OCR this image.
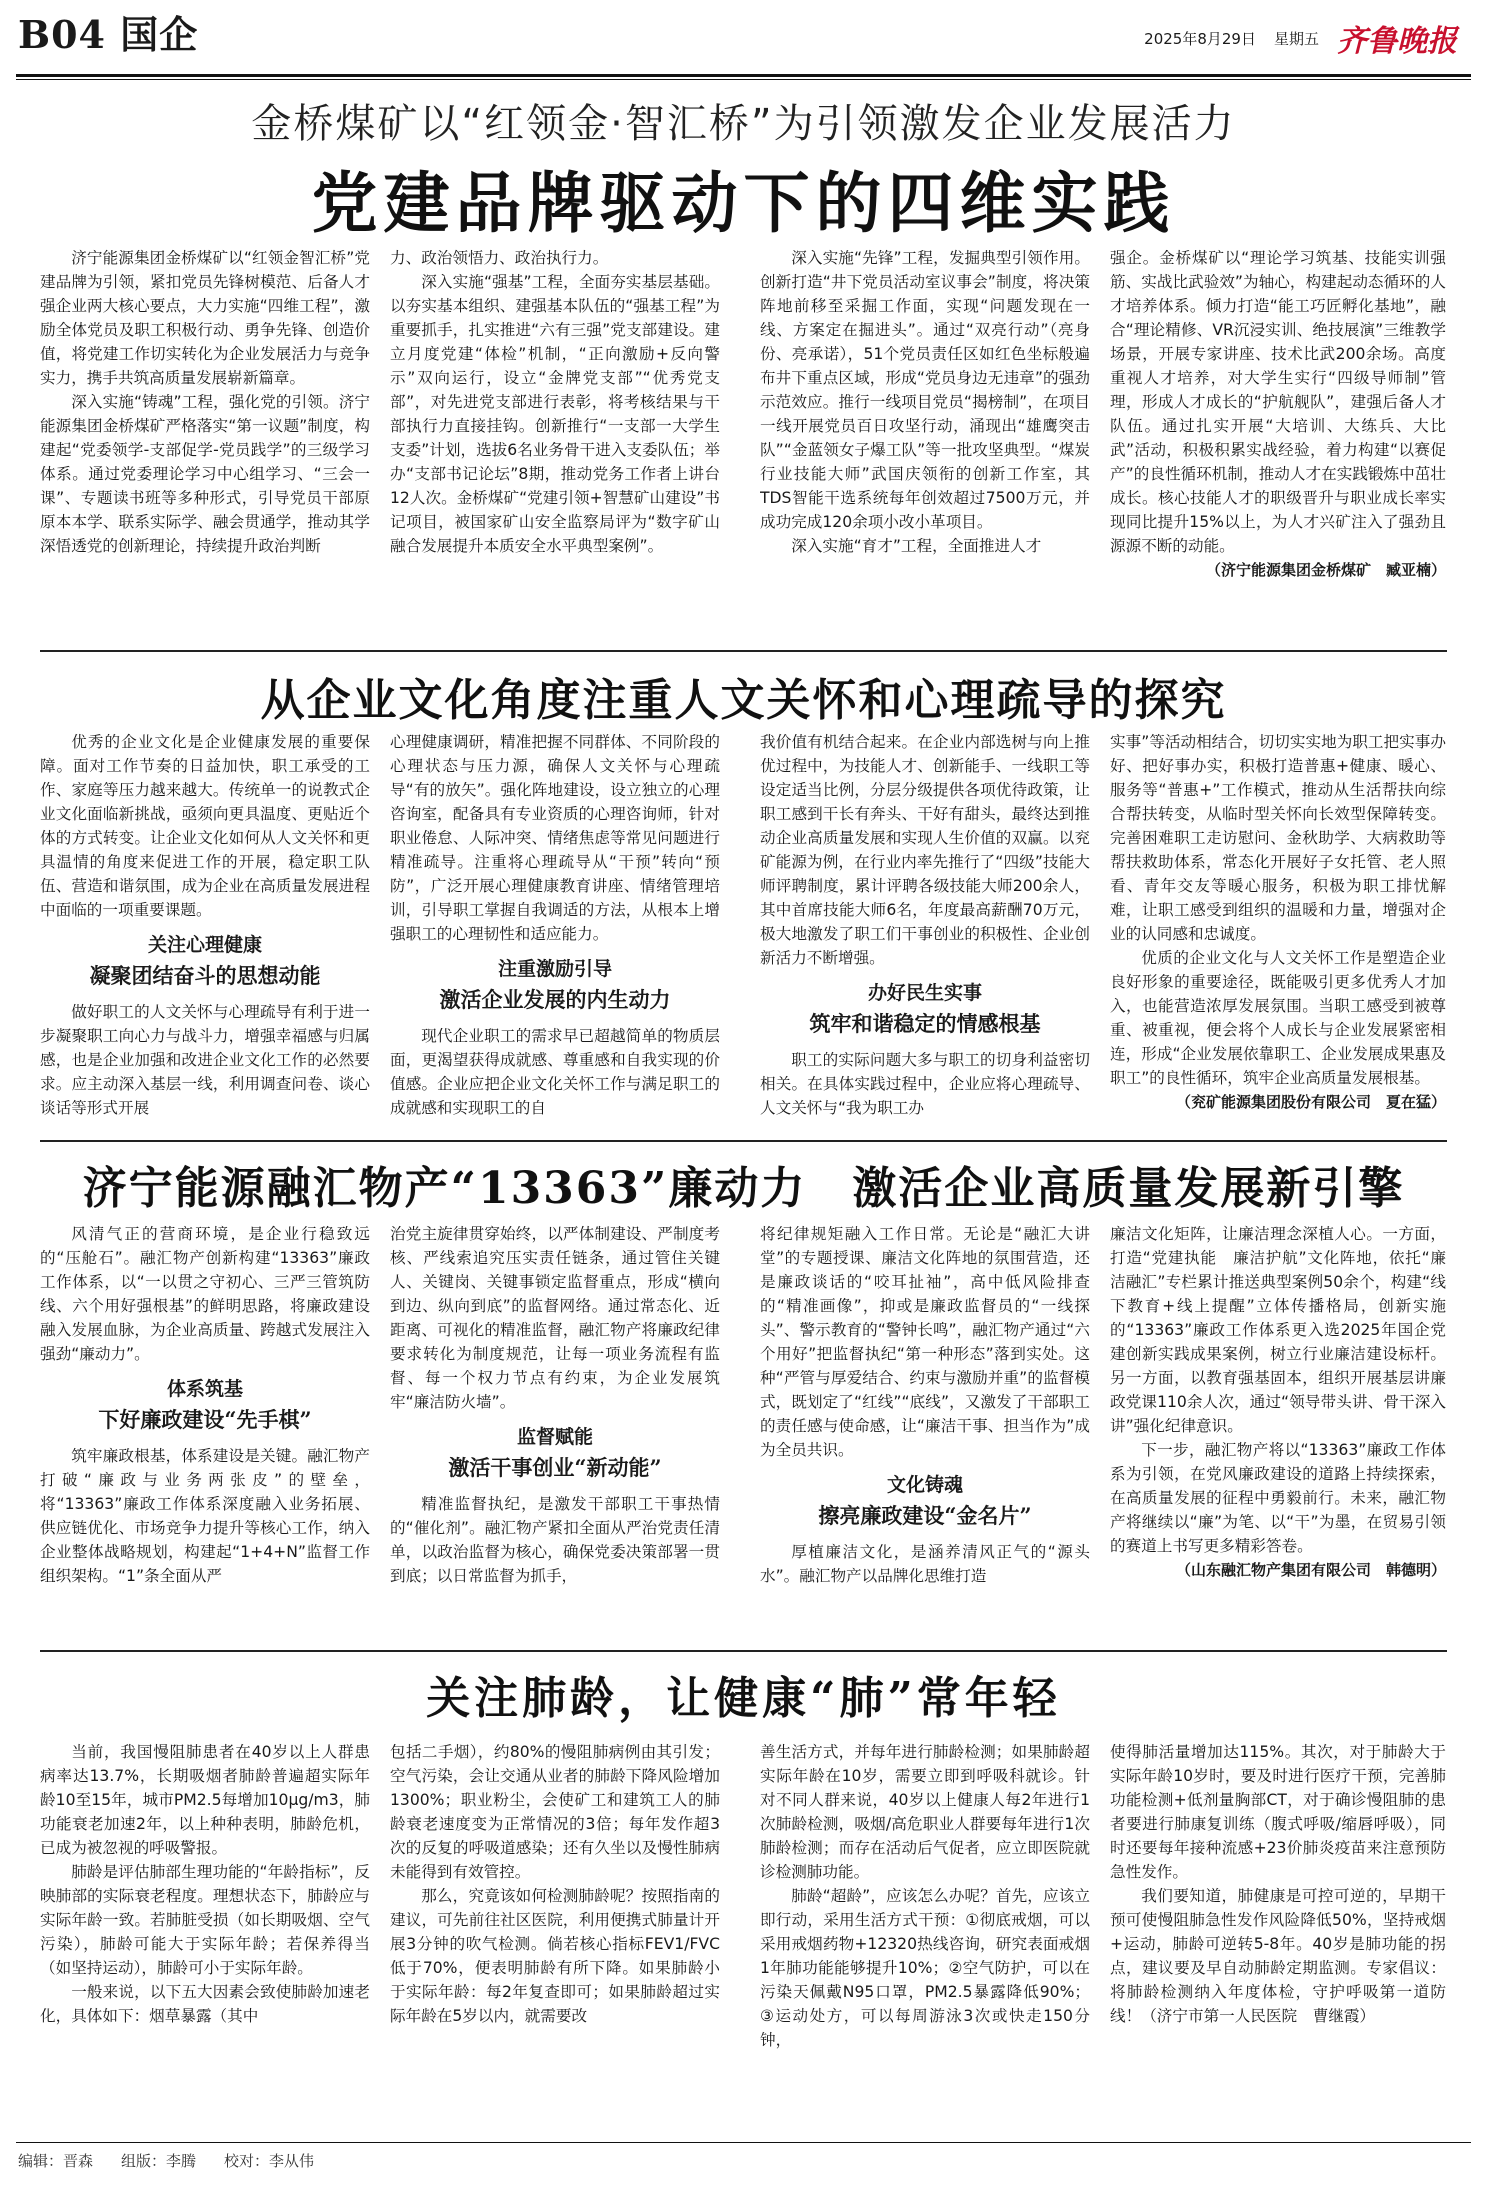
B04 国企	2025年8月29日 星期五 齐鲁晚报
金桥煤矿以“红领金·智汇桥”为引领激发企业发展活力
党建品牌驱动下的四维实践

济宁能源集团金桥煤矿以“红领金智汇桥”党建品牌为引领，紧扣党员先锋树模范、后备人才强企业两大核心要点，大力实施“四维工程”，激励全体党员及职工积极行动、勇争先锋、创造价值，将党建工作切实转化为企业发展活力与竞争实力，携手共筑高质量发展崭新篇章。

深入实施“铸魂”工程，强化党的引领。济宁能源集团金桥煤矿严格落实“第一议题”制度，构建起“党委领学-支部促学-党员践学”的三级学习体系。通过党委理论学习中心组学习、“三会一课”、专题读书班等多种形式，引导党员干部原原本本学、联系实际学、融会贯通学，推动其学深悟透党的创新理论，持续提升政治判断

力、政治领悟力、政治执行力。

深入实施“强基”工程，全面夯实基层基础。以夯实基本组织、建强基本队伍的“强基工程”为重要抓手，扎实推进“六有三强”党支部建设。建立月度党建“体检”机制，“正向激励+反向警示”双向运行，设立“金牌党支部”“优秀党支部”，对先进党支部进行表彰，将考核结果与干部执行力直接挂钩。创新推行“一支部一大学生支委”计划，选拔6名业务骨干进入支委队伍；举办“支部书记论坛”8期，推动党务工作者上讲台12人次。金桥煤矿“党建引领+智慧矿山建设”书记项目，被国家矿山安全监察局评为“数字矿山融合发展提升本质安全水平典型案例”。

深入实施“先锋”工程，发掘典型引领作用。创新打造“井下党员活动室议事会”制度，将决策阵地前移至采掘工作面，实现“问题发现在一线、方案定在掘进头”。通过“双亮行动”（亮身份、亮承诺），51个党员责任区如红色坐标般遍布井下重点区域，形成“党员身边无违章”的强劲示范效应。推行一线项目党员“揭榜制”，在项目一线开展党员百日攻坚行动，涌现出“雄鹰突击队”“金蓝领女子爆工队”等一批攻坚典型。“煤炭行业技能大师”武国庆领衔的创新工作室，其TDS智能干选系统每年创效超过7500万元，并成功完成120余项小改小革项目。

深入实施“育才”工程，全面推进人才

强企。金桥煤矿以“理论学习筑基、技能实训强筋、实战比武验效”为轴心，构建起动态循环的人才培养体系。倾力打造“能工巧匠孵化基地”，融合“理论精修、VR沉浸实训、绝技展演”三维教学场景，开展专家讲座、技术比武200余场。高度重视人才培养，对大学生实行“四级导师制”管理，形成人才成长的“护航舰队”，建强后备人才队伍。通过扎实开展“大培训、大练兵、大比武”活动，积极积累实战经验，着力构建“以赛促产”的良性循环机制，推动人才在实践锻炼中茁壮成长。核心技能人才的职级晋升与职业成长率实现同比提升15%以上，为人才兴矿注入了强劲且源源不断的动能。

（济宁能源集团金桥煤矿　臧亚楠）
从企业文化角度注重人文关怀和心理疏导的探究

优秀的企业文化是企业健康发展的重要保障。面对工作节奏的日益加快，职工承受的工作、家庭等压力越来越大。传统单一的说教式企业文化面临新挑战，亟须向更具温度、更贴近个体的方式转变。让企业文化如何从人文关怀和更具温情的角度来促进工作的开展，稳定职工队伍、营造和谐氛围，成为企业在高质量发展进程中面临的一项重要课题。

关注心理健康
凝聚团结奋斗的思想动能

做好职工的人文关怀与心理疏导有利于进一步凝聚职工向心力与战斗力，增强幸福感与归属感，也是企业加强和改进企业文化工作的必然要求。应主动深入基层一线，利用调查问卷、谈心谈话等形式开展

心理健康调研，精准把握不同群体、不同阶段的心理状态与压力源，确保人文关怀与心理疏导“有的放矢”。强化阵地建设，设立独立的心理咨询室，配备具有专业资质的心理咨询师，针对职业倦怠、人际冲突、情绪焦虑等常见问题进行精准疏导。注重将心理疏导从“干预”转向“预防”，广泛开展心理健康教育讲座、情绪管理培训，引导职工掌握自我调适的方法，从根本上增强职工的心理韧性和适应能力。

注重激励引导
激活企业发展的内生动力

现代企业职工的需求早已超越简单的物质层面，更渴望获得成就感、尊重感和自我实现的价值感。企业应把企业文化关怀工作与满足职工的成就感和实现职工的自

我价值有机结合起来。在企业内部选树与向上推优过程中，为技能人才、创新能手、一线职工等设定适当比例，分层分级提供各项优待政策，让职工感到干长有奔头、干好有甜头，最终达到推动企业高质量发展和实现人生价值的双赢。以兖矿能源为例，在行业内率先推行了“四级”技能大师评聘制度，累计评聘各级技能大师200余人，其中首席技能大师6名，年度最高薪酬70万元，极大地激发了职工们干事创业的积极性、企业创新活力不断增强。

办好民生实事
筑牢和谐稳定的情感根基

职工的实际问题大多与职工的切身利益密切相关。在具体实践过程中，企业应将心理疏导、人文关怀与“我为职工办

实事”等活动相结合，切切实实地为职工把实事办好、把好事办实，积极打造普惠+健康、暖心、服务等“普惠+”工作模式，推动从生活帮扶向综合帮扶转变，从临时型关怀向长效型保障转变。完善困难职工走访慰问、金秋助学、大病救助等帮扶救助体系，常态化开展好子女托管、老人照看、青年交友等暖心服务，积极为职工排忧解难，让职工感受到组织的温暖和力量，增强对企业的认同感和忠诚度。

优质的企业文化与人文关怀工作是塑造企业良好形象的重要途径，既能吸引更多优秀人才加入，也能营造浓厚发展氛围。当职工感受到被尊重、被重视，便会将个人成长与企业发展紧密相连，形成“企业发展依靠职工、企业发展成果惠及职工”的良性循环，筑牢企业高质量发展根基。

（兖矿能源集团股份有限公司　夏在猛）
济宁能源融汇物产“13363”廉动力　激活企业高质量发展新引擎

风清气正的营商环境，是企业行稳致远的“压舱石”。融汇物产创新构建“13363”廉政工作体系，以“一以贯之守初心、三严三管筑防线、六个用好强根基”的鲜明思路，将廉政建设融入发展血脉，为企业高质量、跨越式发展注入强劲“廉动力”。

体系筑基
下好廉政建设“先手棋”

筑牢廉政根基，体系建设是关键。融汇物产打破“廉政与业务两张皮”的壁垒，将“13363”廉政工作体系深度融入业务拓展、供应链优化、市场竞争力提升等核心工作，纳入企业整体战略规划，构建起“1+4+N”监督工作组织架构。“1”条全面从严

治党主旋律贯穿始终，以严体制建设、严制度考核、严线索追究压实责任链条，通过管住关键人、关键岗、关键事锁定监督重点，形成“横向到边、纵向到底”的监督网络。通过常态化、近距离、可视化的精准监督，融汇物产将廉政纪律要求转化为制度规范，让每一项业务流程有监督、每一个权力节点有约束，为企业发展筑牢“廉洁防火墙”。

监督赋能
激活干事创业“新动能”

精准监督执纪，是激发干部职工干事热情的“催化剂”。融汇物产紧扣全面从严治党责任清单，以政治监督为核心，确保党委决策部署一贯到底；以日常监督为抓手，

将纪律规矩融入工作日常。无论是“融汇大讲堂”的专题授课、廉洁文化阵地的氛围营造，还是廉政谈话的“咬耳扯袖”，高中低风险排查的“精准画像”，抑或是廉政监督员的“一线探头”、警示教育的“警钟长鸣”，融汇物产通过“六个用好”把监督执纪“第一种形态”落到实处。这种“严管与厚爱结合、约束与激励并重”的监督模式，既划定了“红线”“底线”，又激发了干部职工的责任感与使命感，让“廉洁干事、担当作为”成为全员共识。

文化铸魂
擦亮廉政建设“金名片”

厚植廉洁文化，是涵养清风正气的“源头水”。融汇物产以品牌化思维打造

廉洁文化矩阵，让廉洁理念深植人心。一方面，打造“党建执能　廉洁护航”文化阵地，依托“廉洁融汇”专栏累计推送典型案例50余个，构建“线下教育+线上提醒”立体传播格局，创新实施的“13363”廉政工作体系更入选2025年国企党建创新实践成果案例，树立行业廉洁建设标杆。另一方面，以教育强基固本，组织开展基层讲廉政党课110余人次，通过“领导带头讲、骨干深入讲”强化纪律意识。

下一步，融汇物产将以“13363”廉政工作体系为引领，在党风廉政建设的道路上持续探索，在高质量发展的征程中勇毅前行。未来，融汇物产将继续以“廉”为笔、以“干”为墨，在贸易引领的赛道上书写更多精彩答卷。

（山东融汇物产集团有限公司　韩德明）
关注肺龄，让健康“肺”常年轻

当前，我国慢阻肺患者在40岁以上人群患病率达13.7%，长期吸烟者肺龄普遍超实际年龄10至15年，城市PM2.5每增加10μg/m3，肺功能衰老加速2年，以上种种表明，肺龄危机，已成为被忽视的呼吸警报。

肺龄是评估肺部生理功能的“年龄指标”，反映肺部的实际衰老程度。理想状态下，肺龄应与实际年龄一致。若肺脏受损（如长期吸烟、空气污染），肺龄可能大于实际年龄；若保养得当（如坚持运动），肺龄可小于实际年龄。

一般来说，以下五大因素会致使肺龄加速老化，具体如下：烟草暴露（其中

包括二手烟），约80%的慢阻肺病例由其引发；空气污染，会让交通从业者的肺龄下降风险增加1300%；职业粉尘，会使矿工和建筑工人的肺龄衰老速度变为正常情况的3倍；每年发作超3次的反复的呼吸道感染；还有久坐以及慢性肺病未能得到有效管控。

那么，究竟该如何检测肺龄呢？按照指南的建议，可先前往社区医院，利用便携式肺量计开展3分钟的吹气检测。倘若核心指标FEV1/FVC低于70%，便表明肺龄有所下降。如果肺龄小于实际年龄：每2年复查即可；如果肺龄超过实际年龄在5岁以内，就需要改

善生活方式，并每年进行肺龄检测；如果肺龄超实际年龄在10岁，需要立即到呼吸科就诊。针对不同人群来说，40岁以上健康人每2年进行1次肺龄检测，吸烟/高危职业人群要每年进行1次肺龄检测；而存在活动后气促者，应立即医院就诊检测肺功能。

肺龄“超龄”，应该怎么办呢？首先，应该立即行动，采用生活方式干预：①彻底戒烟，可以采用戒烟药物+12320热线咨询，研究表面戒烟1年肺功能能够提升10%；②空气防护，可以在污染天佩戴N95口罩，PM2.5暴露降低90%；③运动处方，可以每周游泳3次或快走150分钟，

使得肺活量增加达115%。其次，对于肺龄大于实际年龄10岁时，要及时进行医疗干预，完善肺功能检测+低剂量胸部CT，对于确诊慢阻肺的患者要进行肺康复训练（腹式呼吸/缩唇呼吸），同时还要每年接种流感+23价肺炎疫苗来注意预防急性发作。

我们要知道，肺健康是可控可逆的，早期干预可使慢阻肺急性发作风险降低50%，坚持戒烟+运动，肺龄可逆转5-8年。40岁是肺功能的拐点，建议要及早自动肺龄定期监测。专家倡议：将肺龄检测纳入年度体检，守护呼吸第一道防线！（济宁市第一人民医院　曹继霞）

编辑：晋森 组版：李腾 校对：李从伟
